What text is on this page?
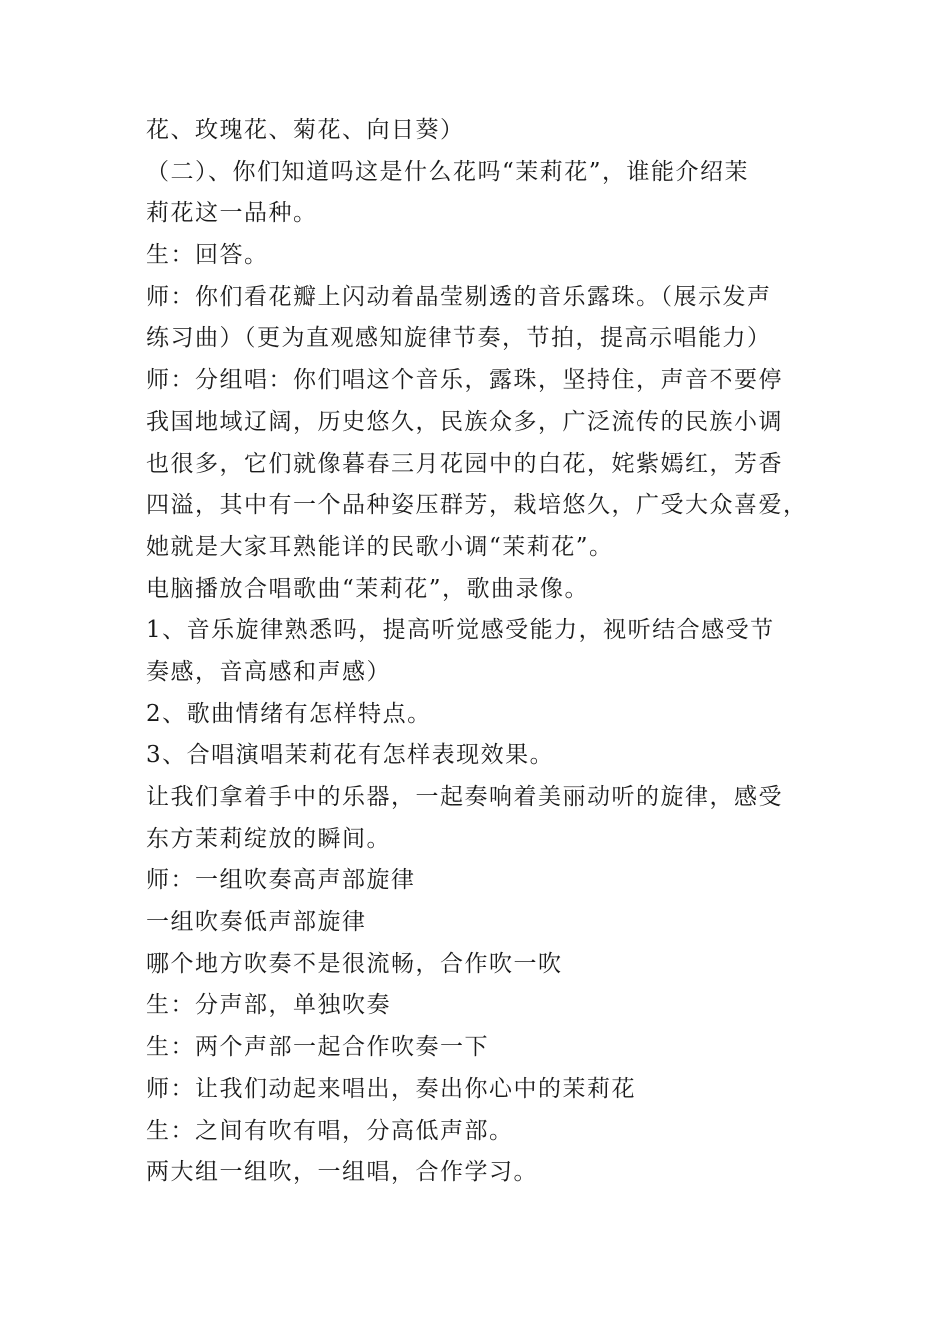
花、玫瑰花、菊花、向日葵）
（二）、你们知道吗这是什么花吗“茉莉花”，谁能介绍茉
莉花这一品种。
生：回答。
师：你们看花瓣上闪动着晶莹剔透的音乐露珠。（展示发声
练习曲）（更为直观感知旋律节奏，节拍，提高示唱能力）
师：分组唱：你们唱这个音乐，露珠，坚持住，声音不要停
我国地域辽阔，历史悠久，民族众多，广泛流传的民族小调
也很多，它们就像暮春三月花园中的白花，姹紫嫣红，芳香
四溢，其中有一个品种姿压群芳，栽培悠久，广受大众喜爱，
她就是大家耳熟能详的民歌小调“茉莉花”。
电脑播放合唱歌曲“茉莉花”，歌曲录像。
1、音乐旋律熟悉吗，提高听觉感受能力，视听结合感受节
奏感，音高感和声感）
2、歌曲情绪有怎样特点。
3、合唱演唱茉莉花有怎样表现效果。
让我们拿着手中的乐器，一起奏响着美丽动听的旋律，感受
东方茉莉绽放的瞬间。
师：一组吹奏高声部旋律
一组吹奏低声部旋律
哪个地方吹奏不是很流畅，合作吹一吹
生：分声部，单独吹奏
生：两个声部一起合作吹奏一下
师：让我们动起来唱出，奏出你心中的茉莉花
生：之间有吹有唱，分高低声部。
两大组一组吹，一组唱，合作学习。
